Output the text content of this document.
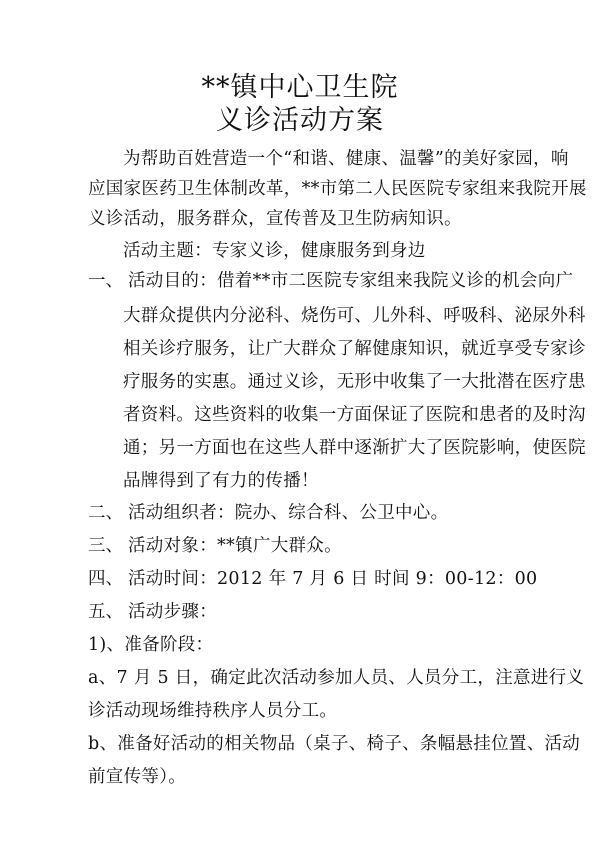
**镇中心卫生院
义诊活动方案
为帮助百姓营造一个“和谐、健康、温馨”的美好家园，响
应国家医药卫生体制改革，**市第二人民医院专家组来我院开展
义诊活动，服务群众，宣传普及卫生防病知识。
活动主题：专家义诊，健康服务到身边
一、 活动目的：借着**市二医院专家组来我院义诊的机会向广
大群众提供内分泌科、烧伤可、儿外科、呼吸科、泌尿外科
相关诊疗服务，让广大群众了解健康知识，就近享受专家诊
疗服务的实惠。通过义诊，无形中收集了一大批潜在医疗患
者资料。这些资料的收集一方面保证了医院和患者的及时沟
通；另一方面也在这些人群中逐渐扩大了医院影响，使医院
品牌得到了有力的传播！
二、 活动组织者：院办、综合科、公卫中心。
三、 活动对象：**镇广大群众。
四、 活动时间：2012 年 7 月 6 日 时间 9：00-12：00
五、 活动步骤：
1)、准备阶段：
a、7 月 5 日，确定此次活动参加人员、人员分工，注意进行义
诊活动现场维持秩序人员分工。
b、准备好活动的相关物品（桌子、椅子、条幅悬挂位置、活动
前宣传等）。
